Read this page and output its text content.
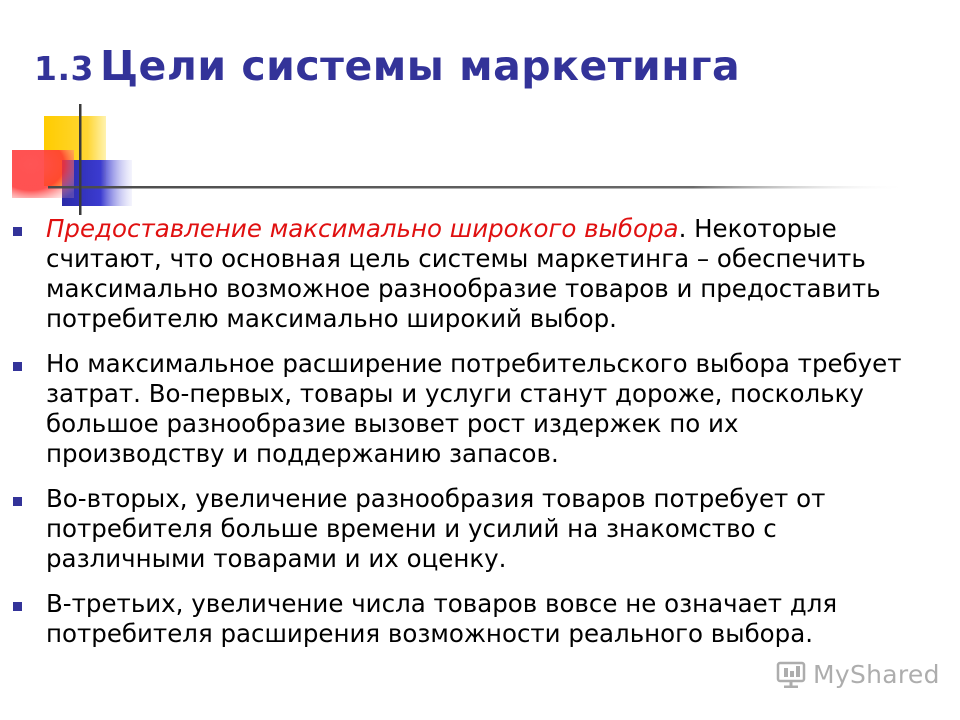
1.3 Цели системы маркетинга
Предоставление максимально широкого выбора. Некоторые считают, что основная цель системы маркетинга – обеспечить максимально возможное разнообразие товаров и предоставить потребителю максимально широкий выбор.
Но максимальное расширение потребительского выбора требует затрат. Во-первых, товары и услуги станут дороже, поскольку большое разнообразие вызовет рост издержек по их производству и поддержанию запасов.
Во-вторых, увеличение разнообразия товаров потребует от потребителя больше времени и усилий на знакомство с различными товарами и их оценку.
В-третьих, увеличение числа товаров вовсе не означает для потребителя расширения возможности реального выбора.
MyShared
